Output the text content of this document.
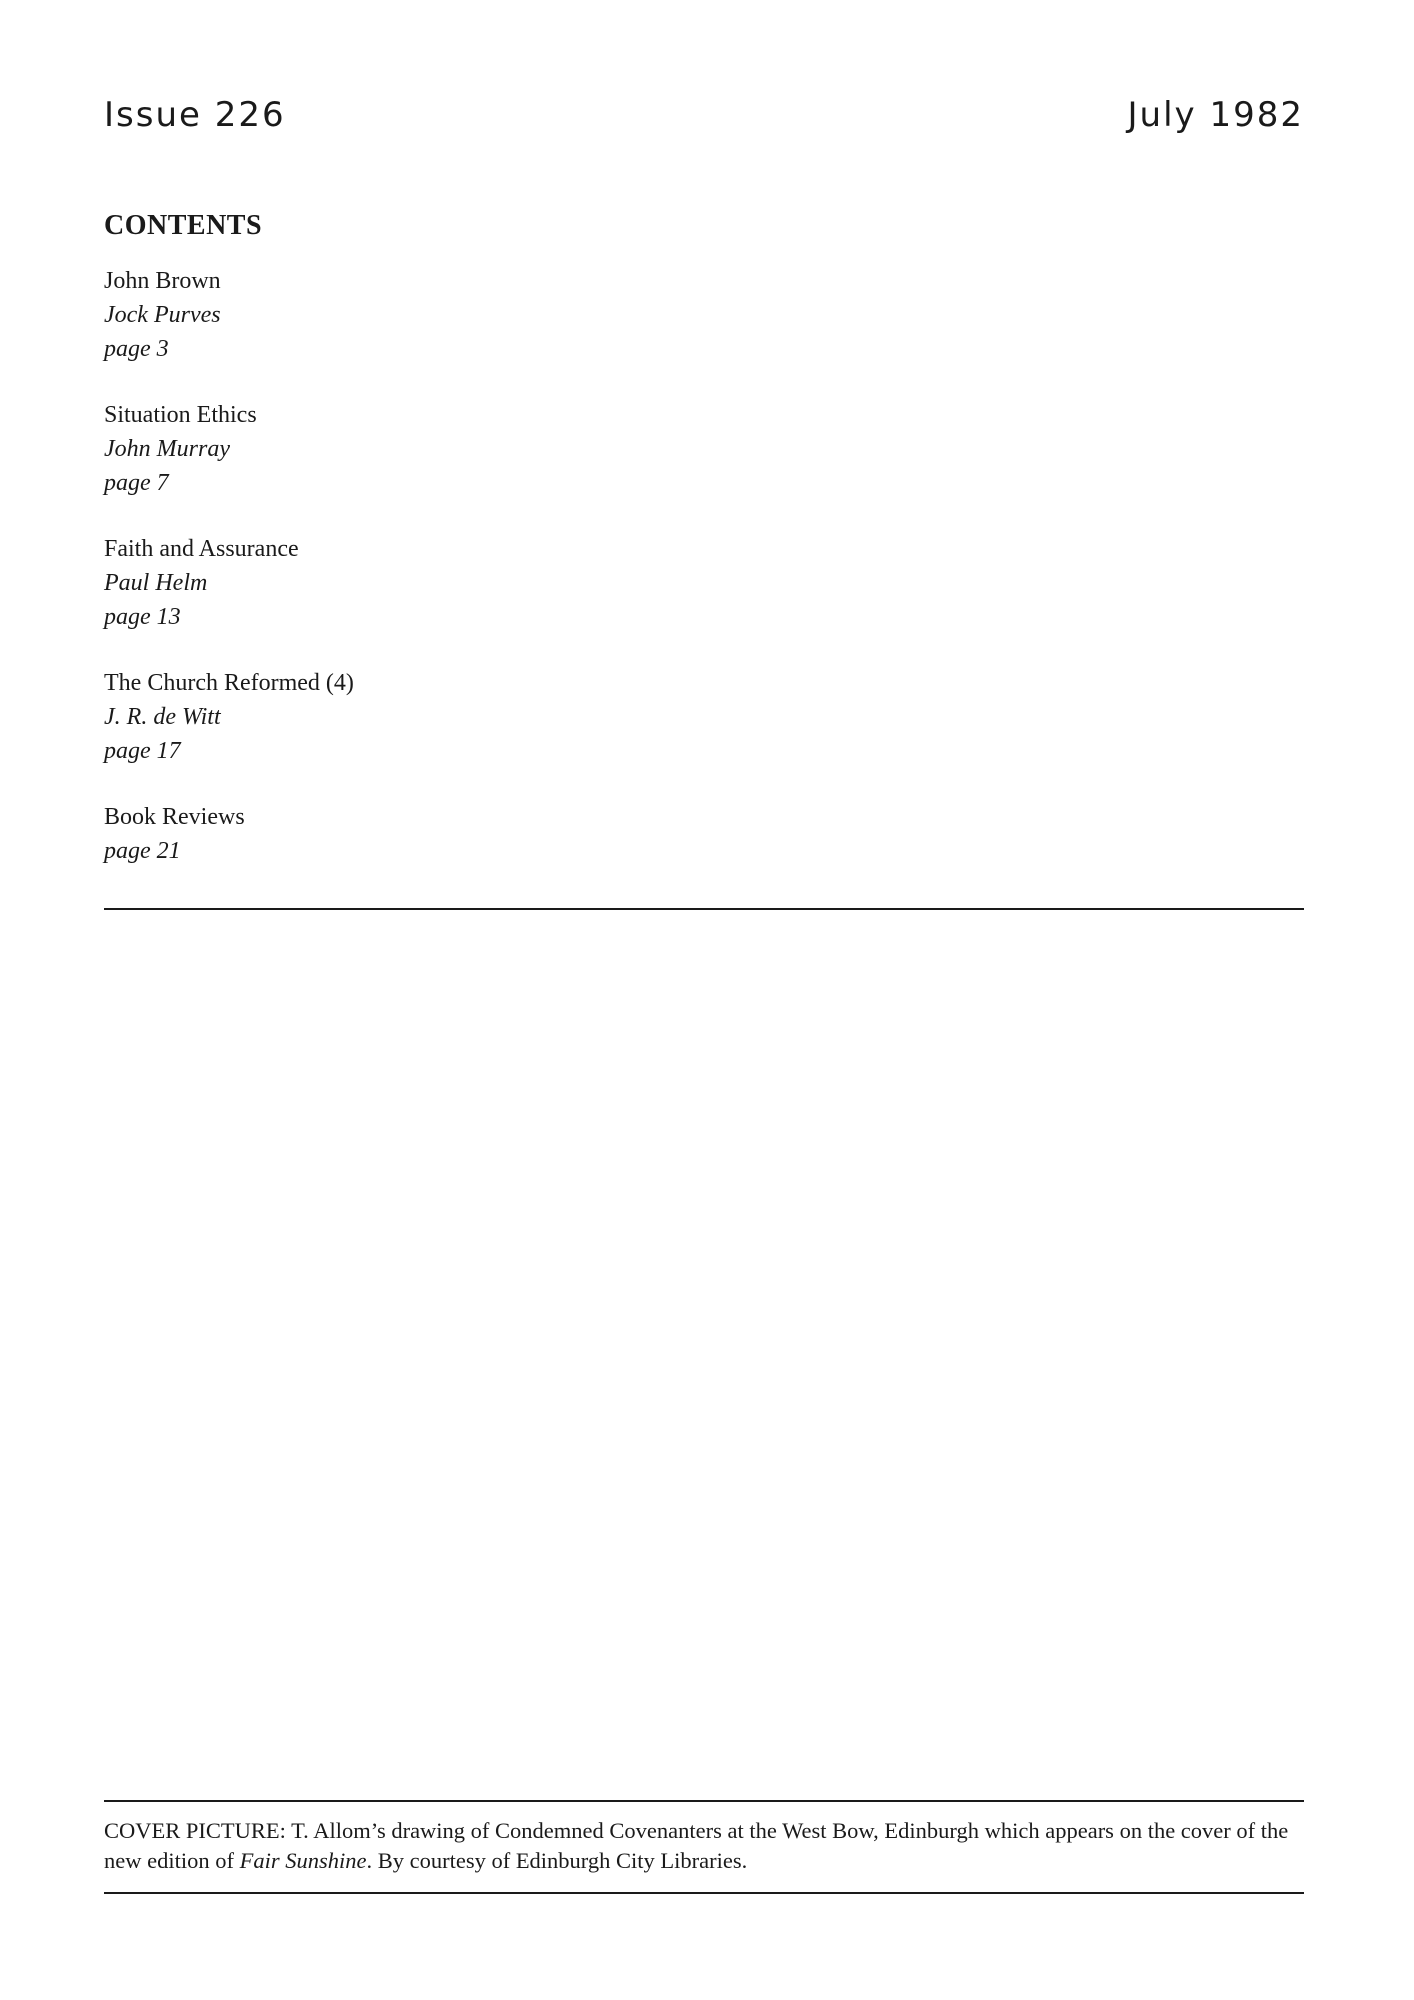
Issue 226	July 1982
CONTENTS
John Brown
Jock Purves
page 3
Situation Ethics
John Murray
page 7
Faith and Assurance
Paul Helm
page 13
The Church Reformed (4)
J. R. de Witt
page 17
Book Reviews
page 21

COVER PICTURE: T. Allom’s drawing of Condemned Covenanters at the West Bow, Edinburgh which appears on the cover of the new edition of Fair Sunshine. By courtesy of Edinburgh City Libraries.
